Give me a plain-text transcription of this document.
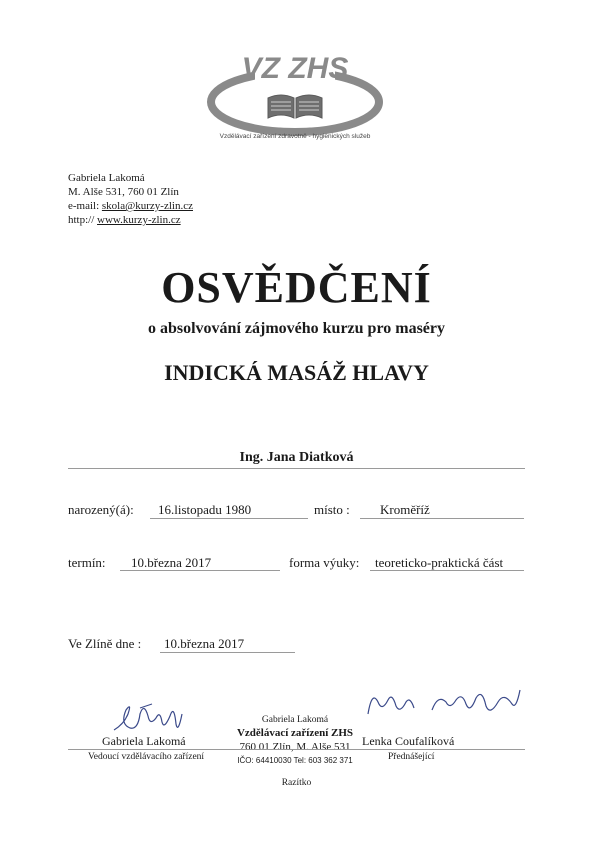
VZ ZHS
Vzdělávací zařízení zdravotně - hygienických služeb
Gabriela Lakomá
M. Alše 531, 760 01 Zlín
e-mail: skola@kurzy-zlin.cz
http:// www.kurzy-zlin.cz
OSVĚDČENÍ
o absolvování zájmového kurzu pro maséry
INDICKÁ MASÁŽ HLAVY
Ing. Jana Diatková
narozený(á): 16.listopadu 1980	místo : Kroměříž
termín: 10.března 2017	forma výuky: teoreticko-praktická část
Ve Zlíně dne : 10.března 2017
Gabriela Lakomá
Vzdělávací zařízení ZHS
760 01 Zlín, M. Alše 531
IČO: 64410030 Tel: 603 362 371
Gabriela Lakomá
Vedoucí vzdělávacího zařízení
Lenka Coufalíková
Přednášející
Razítko
